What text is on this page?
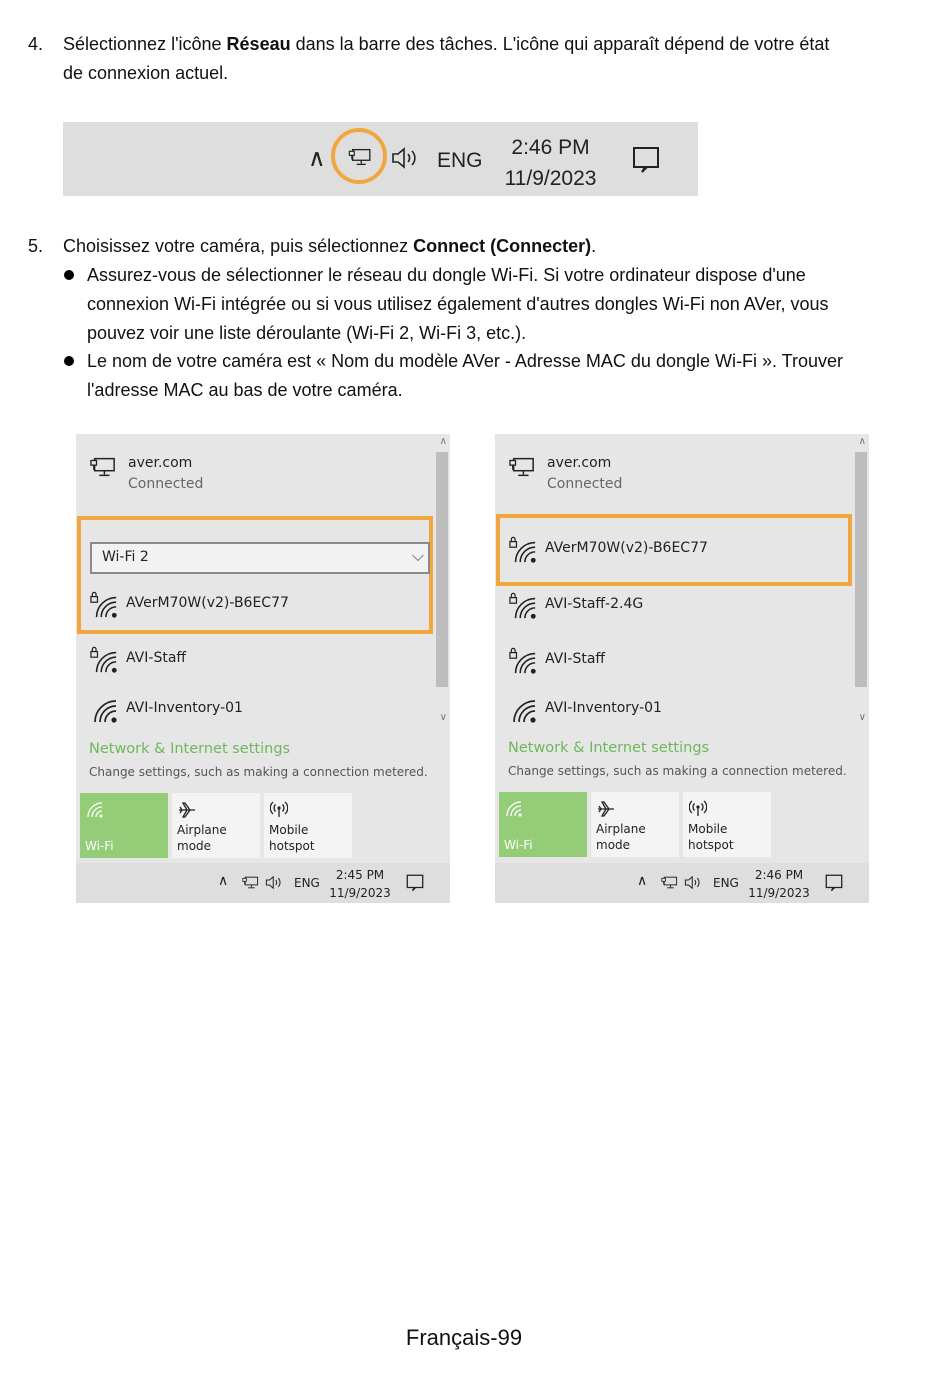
4. Sélectionnez l'icône Réseau dans la barre des tâches. L'icône qui apparaît dépend de votre état
de connexion actuel.
∧	ENG
2:46 PM
11/9/2023
5. Choisissez votre caméra, puis sélectionnez Connect (Connecter).
Assurez-vous de sélectionner le réseau du dongle Wi-Fi. Si votre ordinateur dispose d'une
connexion Wi-Fi intégrée ou si vous utilisez également d'autres dongles Wi-Fi non AVer, vous
pouvez voir une liste déroulante (Wi-Fi 2, Wi-Fi 3, etc.).
Le nom de votre caméra est « Nom du modèle AVer - Adresse MAC du dongle Wi-Fi ». Trouver
l'adresse MAC au bas de votre caméra.
∧
∨
aver.com
Connected
Wi-Fi 2	⌵
AVerM70W(v2)-B6EC77
AVI-Staff
AVI-Inventory-01
Network & Internet settings
Change settings, such as making a connection metered.
Wi-Fi
Airplane mode
Mobile
hotspot
∧	ENG
2:45 PM
11/9/2023
∧
∨
aver.com
Connected
AVerM70W(v2)-B6EC77
AVI-Staff-2.4G
AVI-Staff
AVI-Inventory-01
Network & Internet settings
Change settings, such as making a connection metered.
Wi-Fi
Airplane mode
Mobile
hotspot
∧	ENG
2:46 PM
11/9/2023
Français-99
